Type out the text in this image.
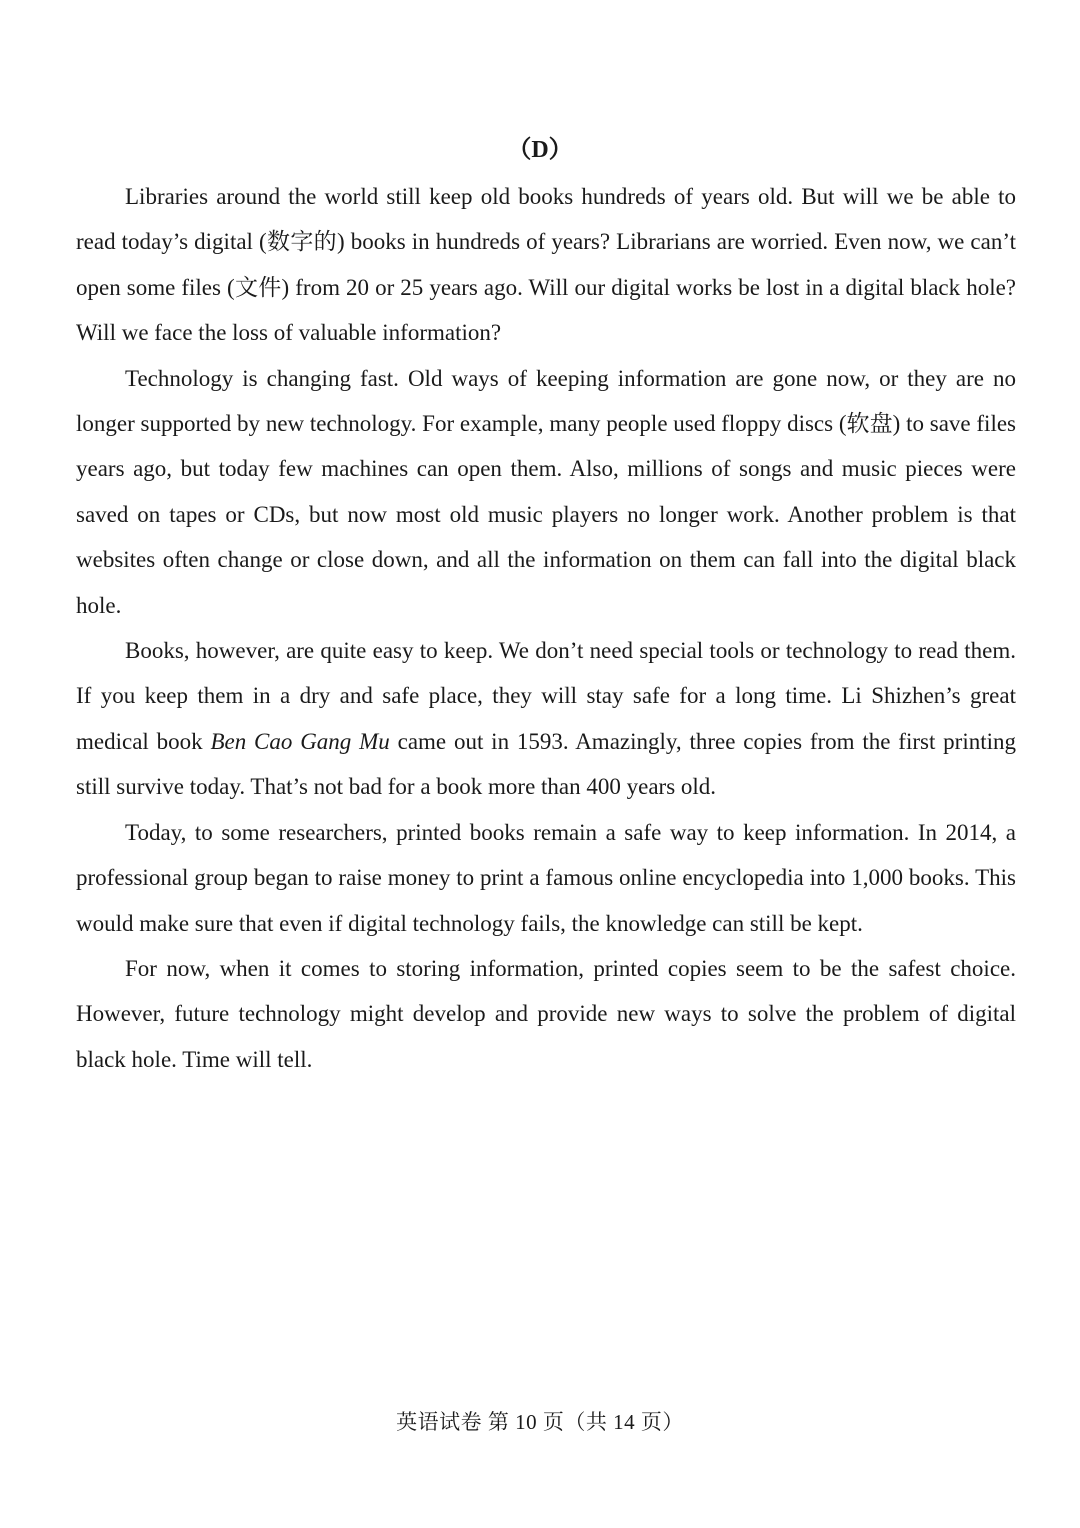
（D）

Libraries around the world still keep old books hundreds of years old. But will we be able to read today’s digital (数字的) books in hundreds of years? Librarians are worried. Even now, we can’t open some files (文件) from 20 or 25 years ago. Will our digital works be lost in a digital black hole? Will we face the loss of valuable information?

Technology is changing fast. Old ways of keeping information are gone now, or they are no longer supported by new technology. For example, many people used floppy discs (软盘) to save files years ago, but today few machines can open them. Also, millions of songs and music pieces were saved on tapes or CDs, but now most old music players no longer work. Another problem is that websites often change or close down, and all the information on them can fall into the digital black hole.

Books, however, are quite easy to keep. We don’t need special tools or technology to read them. If you keep them in a dry and safe place, they will stay safe for a long time. Li Shizhen’s great medical book Ben Cao Gang Mu came out in 1593. Amazingly, three copies from the first printing still survive today. That’s not bad for a book more than 400 years old.

Today, to some researchers, printed books remain a safe way to keep information. In 2014, a professional group began to raise money to print a famous online encyclopedia into 1,000 books. This would make sure that even if digital technology fails, the knowledge can still be kept.

For now, when it comes to storing information, printed copies seem to be the safest choice. However, future technology might develop and provide new ways to solve the problem of digital black hole. Time will tell.

英语试卷 第 10 页（共 14 页）
